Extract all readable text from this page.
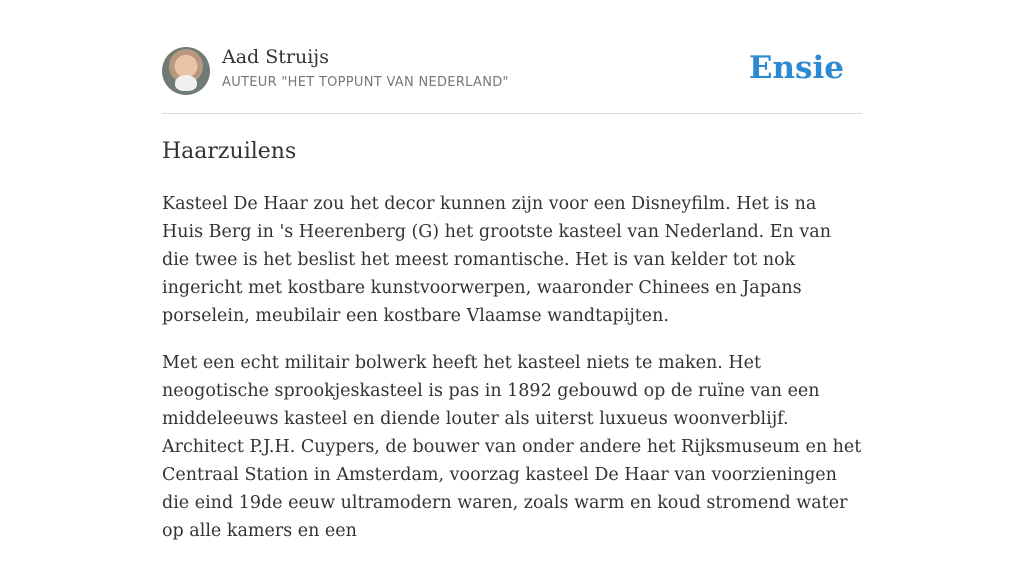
Aad Struijs
AUTEUR "HET TOPPUNT VAN NEDERLAND"	Ensie
Haarzuilens

Kasteel De Haar zou het decor kunnen zijn voor een Disneyfilm. Het is na Huis Berg in 's Heerenberg (G) het grootste kasteel van Nederland. En van die twee is het beslist het meest romantische. Het is van kelder tot nok ingericht met kostbare kunstvoorwerpen, waaronder Chinees en Japans porselein, meubilair een kostbare Vlaamse wandtapijten.

Met een echt militair bolwerk heeft het kasteel niets te maken. Het neogotische sprookjeskasteel is pas in 1892 gebouwd op de ruïne van een middeleeuws kasteel en diende louter als uiterst luxueus woonverblijf. Architect P.J.H. Cuypers, de bouwer van onder andere het Rijksmuseum en het Centraal Station in Amsterdam, voorzag kasteel De Haar van voorzieningen die eind 19de eeuw ultramodern waren, zoals warm en koud stromend water op alle kamers en een
